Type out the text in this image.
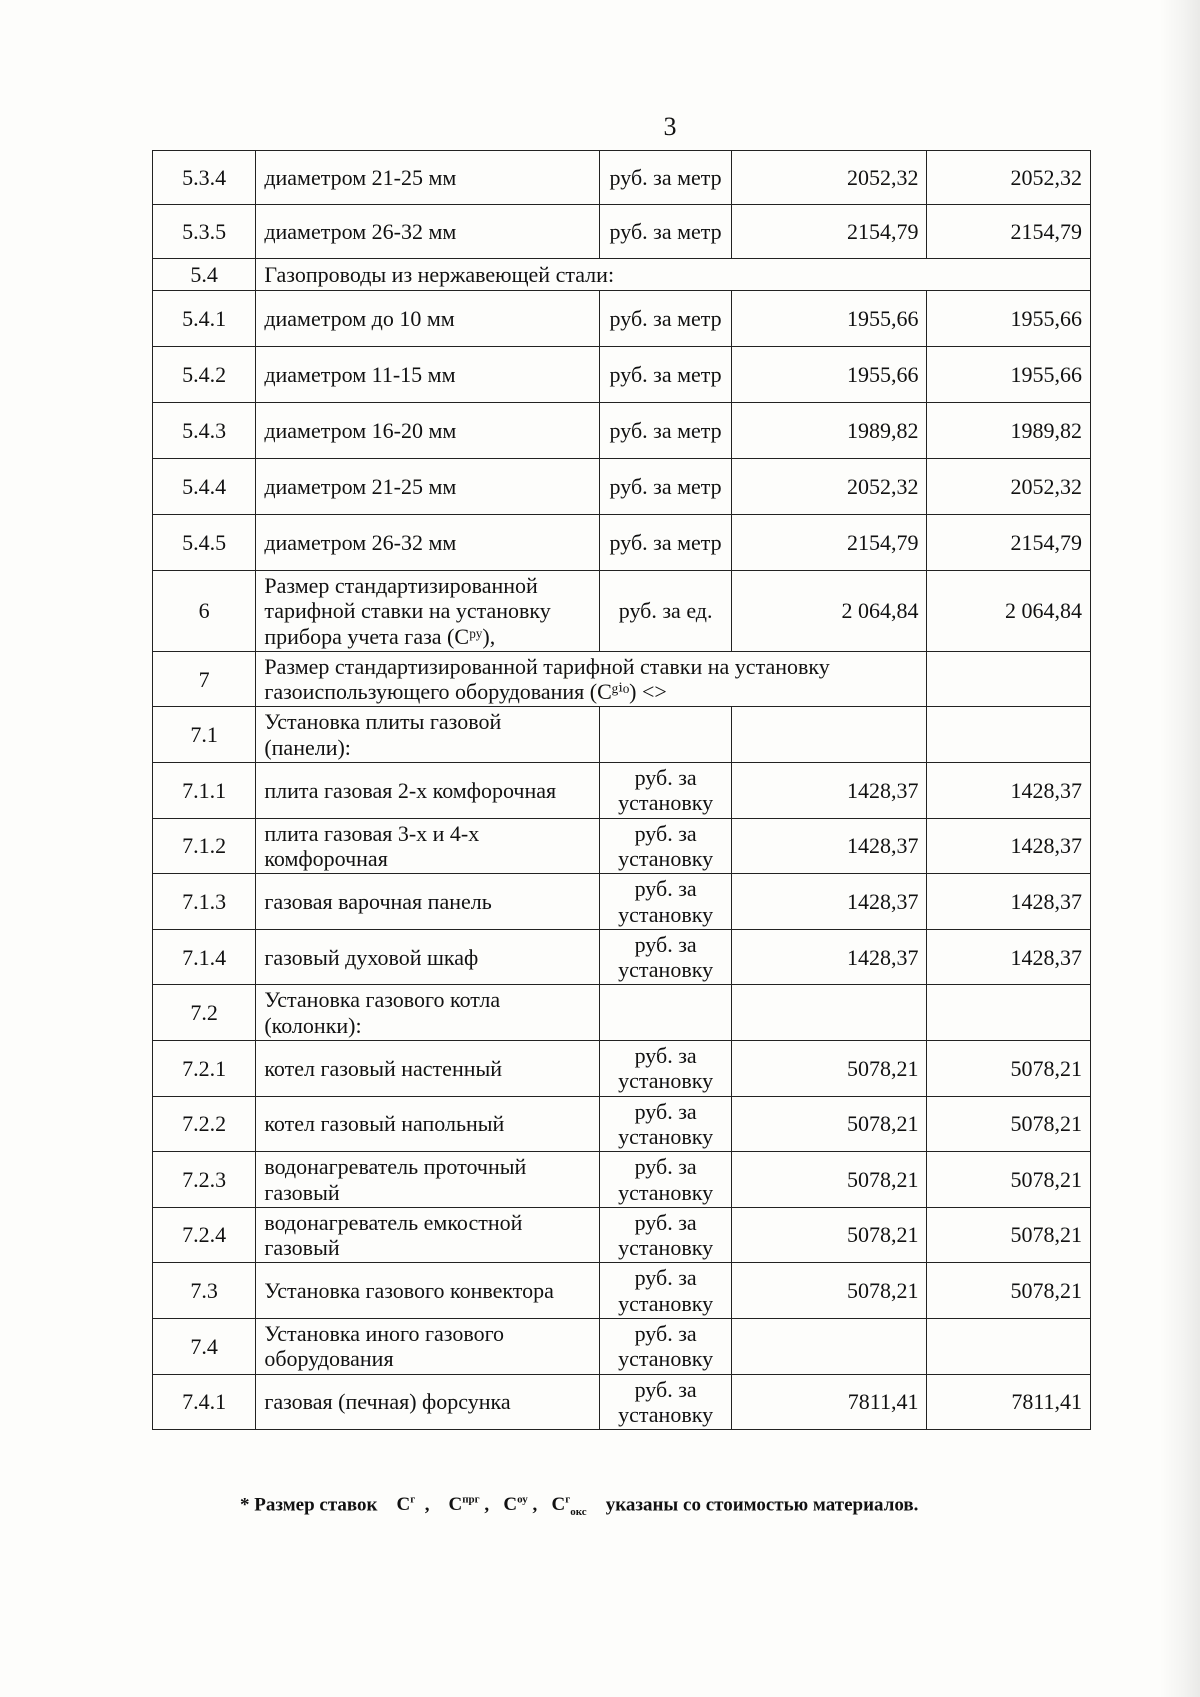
3
5.3.4	диаметром 21-25 мм	руб. за метр	2052,32	2052,32
5.3.5	диаметром 26-32 мм	руб. за метр	2154,79	2154,79
5.4	Газопроводы из нержавеющей стали:			
5.4.1	диаметром до 10 мм	руб. за метр	1955,66	1955,66
5.4.2	диаметром 11-15 мм	руб. за метр	1955,66	1955,66
5.4.3	диаметром 16-20 мм	руб. за метр	1989,82	1989,82
5.4.4	диаметром 21-25 мм	руб. за метр	2052,32	2052,32
5.4.5	диаметром 26-32 мм	руб. за метр	2154,79	2154,79
6	Размер стандартизированной тарифной ставки на установку прибора учета газа (Cᵖʸ),	руб. за ед.	2 064,84	2 064,84
7	Размер стандартизированной тарифной ставки на установку газоиспользующего оборудования (Cᵍⁱᵒ) <>			
7.1	Установка плиты газовой (панели):			
7.1.1	плита газовая 2-х комфорочная	руб. за установку	1428,37	1428,37
7.1.2	плита газовая 3-х и 4-х комфорочная	руб. за установку	1428,37	1428,37
7.1.3	газовая варочная панель	руб. за установку	1428,37	1428,37
7.1.4	газовый духовой шкаф	руб. за установку	1428,37	1428,37
7.2	Установка газового котла (колонки):			
7.2.1	котел газовый настенный	руб. за установку	5078,21	5078,21
7.2.2	котел газовый напольный	руб. за установку	5078,21	5078,21
7.2.3	водонагреватель проточный газовый	руб. за установку	5078,21	5078,21
7.2.4	водонагреватель емкостной газовый	руб. за установку	5078,21	5078,21
7.3	Установка газового конвектора	руб. за установку	5078,21	5078,21
7.4	Установка иного газового оборудования	руб. за установку		
7.4.1	газовая (печная) форсунка	руб. за установку	7811,41	7811,41
* Размер ставок $C^г$  ,    $C^{прг}$ ,   $C^{оу}$ ,   $C^г_{окс}$ указаны со стоимостью материалов.
